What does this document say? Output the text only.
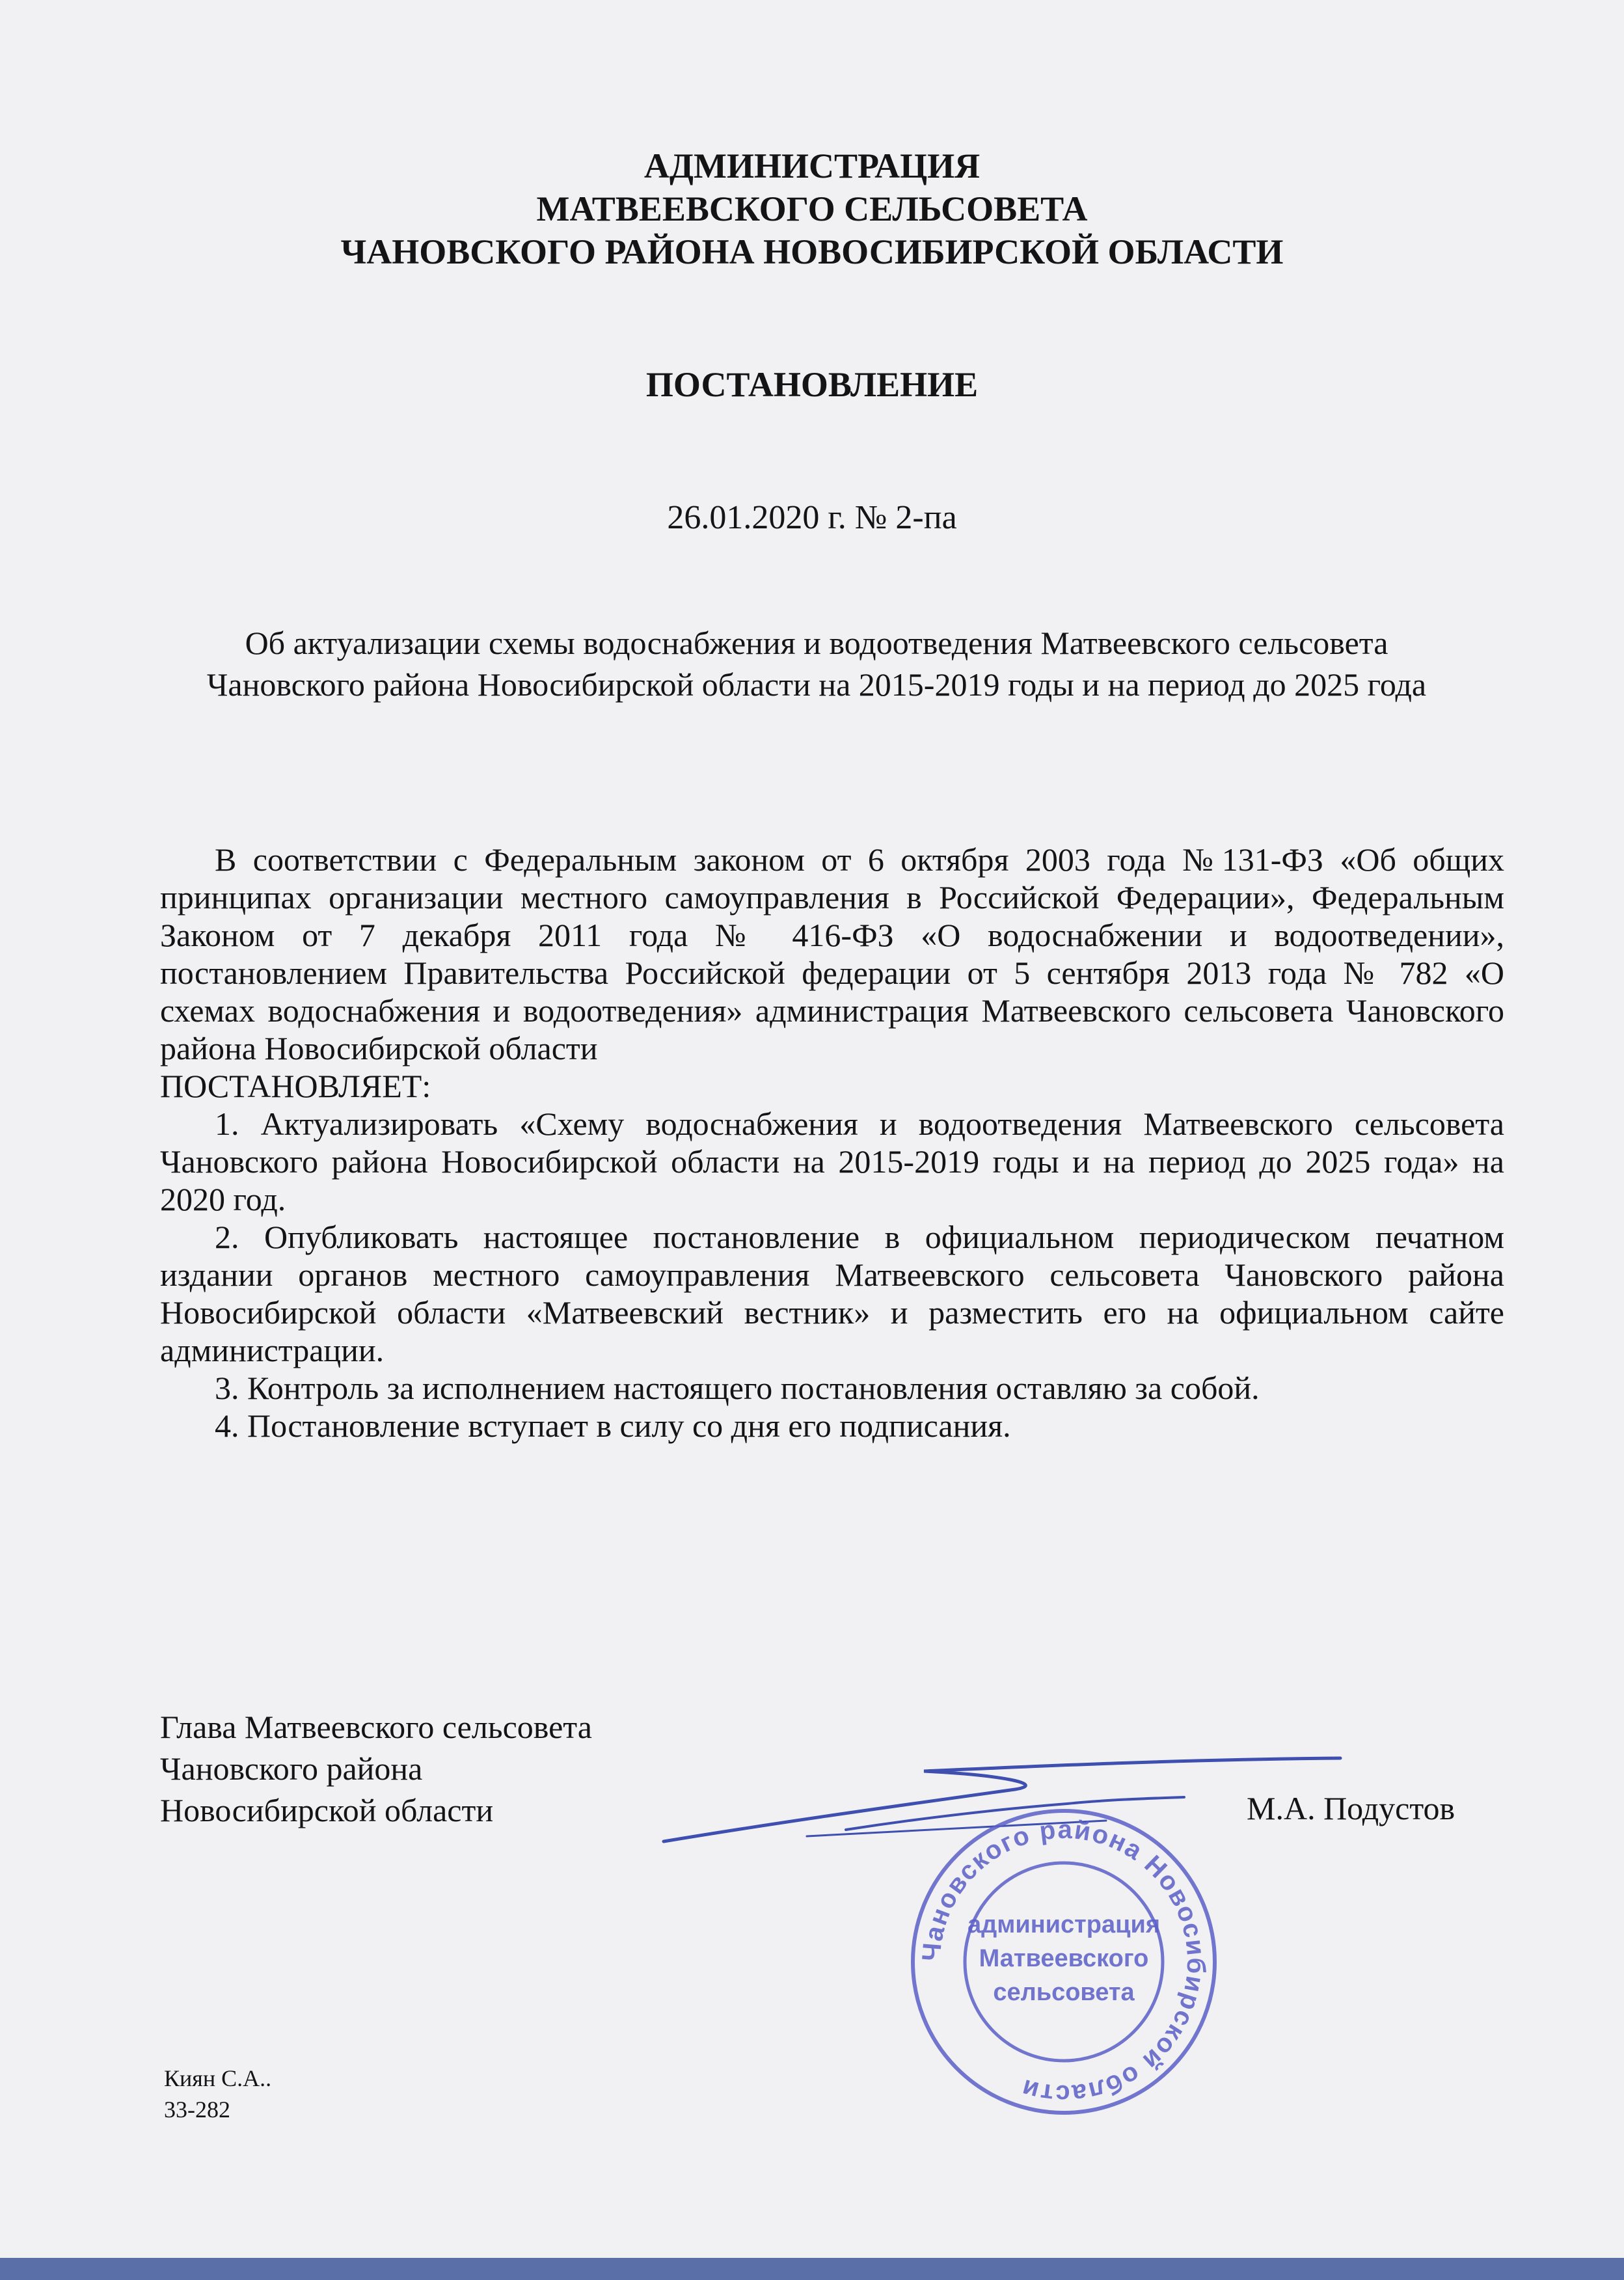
АДМИНИСТРАЦИЯ
МАТВЕЕВСКОГО СЕЛЬСОВЕТА
ЧАНОВСКОГО РАЙОНА НОВОСИБИРСКОЙ ОБЛАСТИ
ПОСТАНОВЛЕНИЕ
26.01.2020 г. № 2-па
Об актуализации схемы водоснабжения и водоотведения Матвеевского сельсовета Чановского района Новосибирской области на 2015-2019 годы и на период до 2025 года

В соответствии с Федеральным законом от 6 октября 2003 года №131-ФЗ «Об общих принципах организации местного самоуправления в Российской Федерации», Федеральным Законом от 7 декабря 2011 года № 416-ФЗ «О водоснабжении и водоотведении», постановлением Правительства Российской федерации от 5 сентября 2013 года № 782 «О схемах водоснабжения и водоотведения» администрация Матвеевского сельсовета Чановского района Новосибирской области

ПОСТАНОВЛЯЕТ:

1. Актуализировать «Схему водоснабжения и водоотведения Матвеевского сельсовета Чановского района Новосибирской области на 2015-2019 годы и на период до 2025 года» на 2020 год.

2. Опубликовать настоящее постановление в официальном периодическом печатном издании органов местного самоуправления Матвеевского сельсовета Чановского района Новосибирской области «Матвеевский вестник» и разместить его на официальном сайте администрации.

3. Контроль за исполнением настоящего постановления оставляю за собой.

4. Постановление вступает в силу со дня его подписания.

Глава Матвеевского сельсовета
Чановского района
Новосибирской области	М.А. Подустов
Чановского района Новосибирской области
администрация
Матвеевского
сельсовета
Киян С.А..
33-282
